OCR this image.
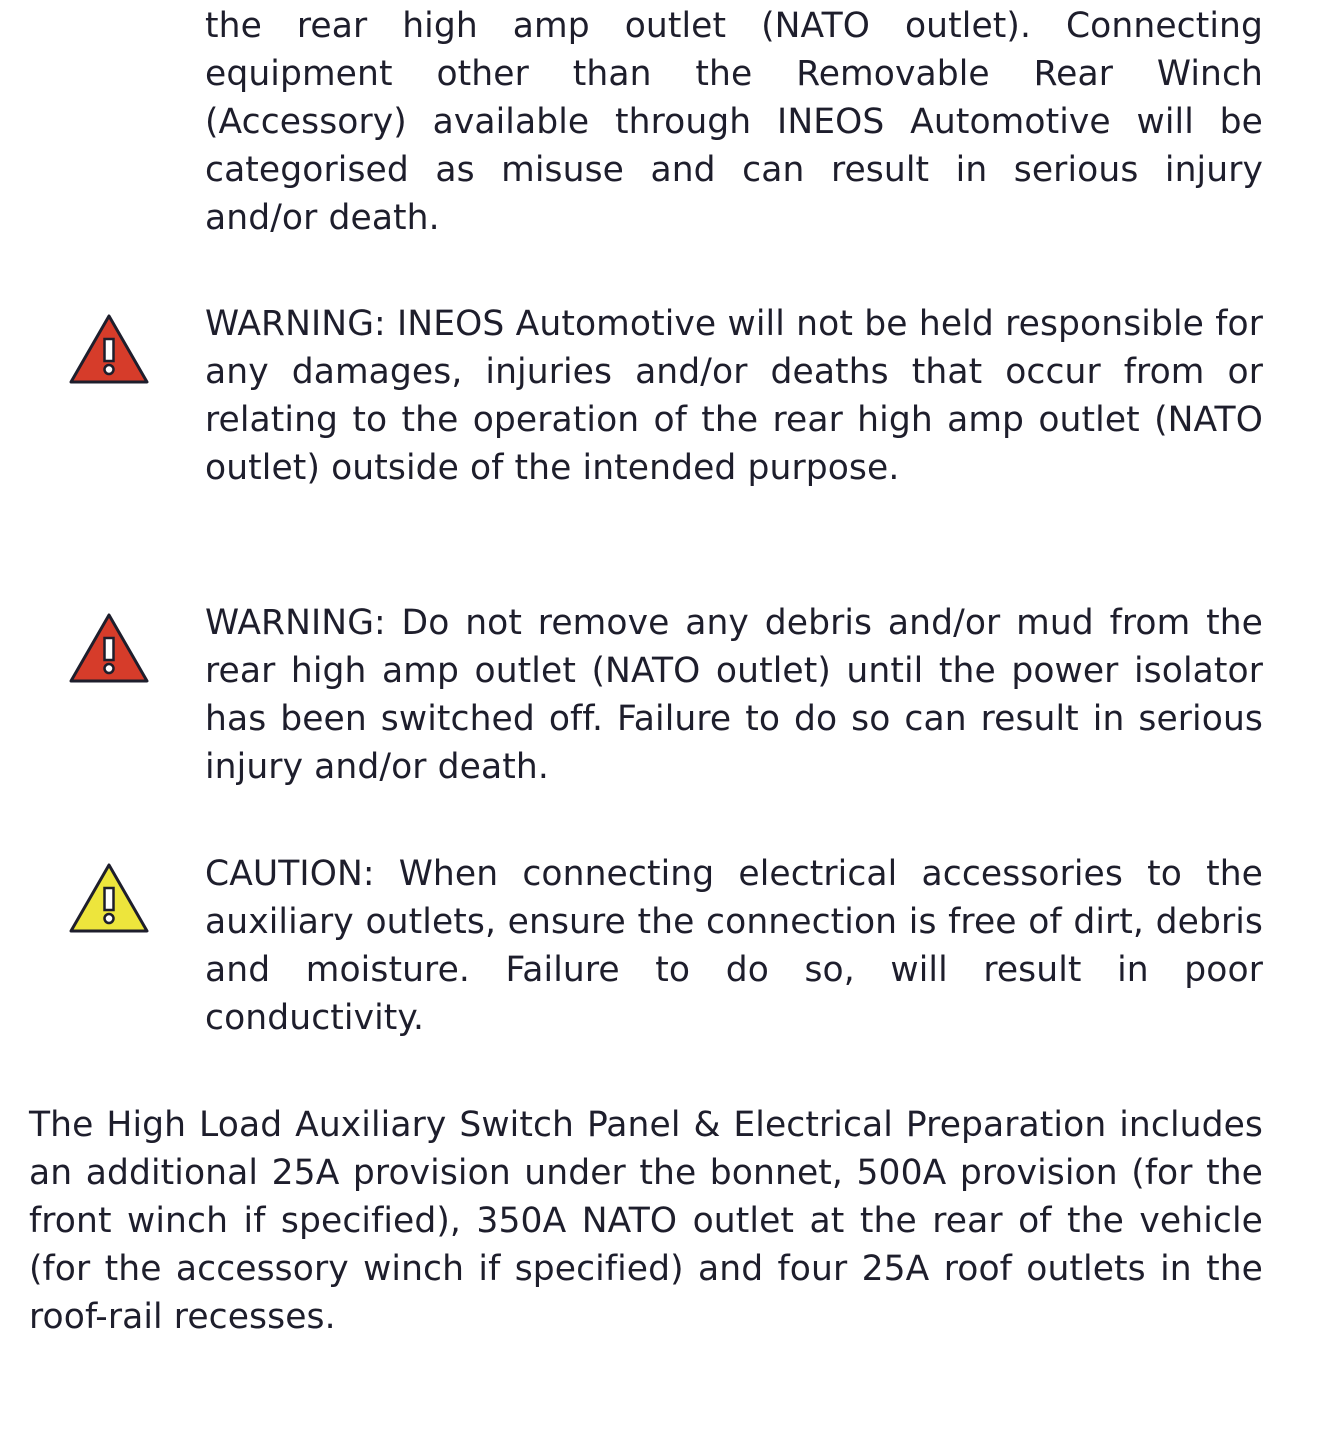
the rear high amp outlet (NATO outlet). Connecting equipment other than the Removable Rear Winch (Accessory) available through INEOS Automotive will be categorised as misuse and can result in serious injury and/or death.

WARNING: INEOS Automotive will not be held responsible for any damages, injuries and/or deaths that occur from or relating to the operation of the rear high amp outlet (NATO outlet) outside of the intended purpose.

WARNING: Do not remove any debris and/or mud from the rear high amp outlet (NATO outlet) until the power isolator has been switched off. Failure to do so can result in serious injury and/or death.

CAUTION: When connecting electrical accessories to the auxiliary outlets, ensure the connection is free of dirt, debris and moisture. Failure to do so, will result in poor conductivity.

The High Load Auxiliary Switch Panel & Electrical Preparation includes an additional 25A provision under the bonnet, 500A provision (for the front winch if specified), 350A NATO outlet at the rear of the vehicle (for the accessory winch if specified) and four 25A roof outlets in the roof-rail recesses.
